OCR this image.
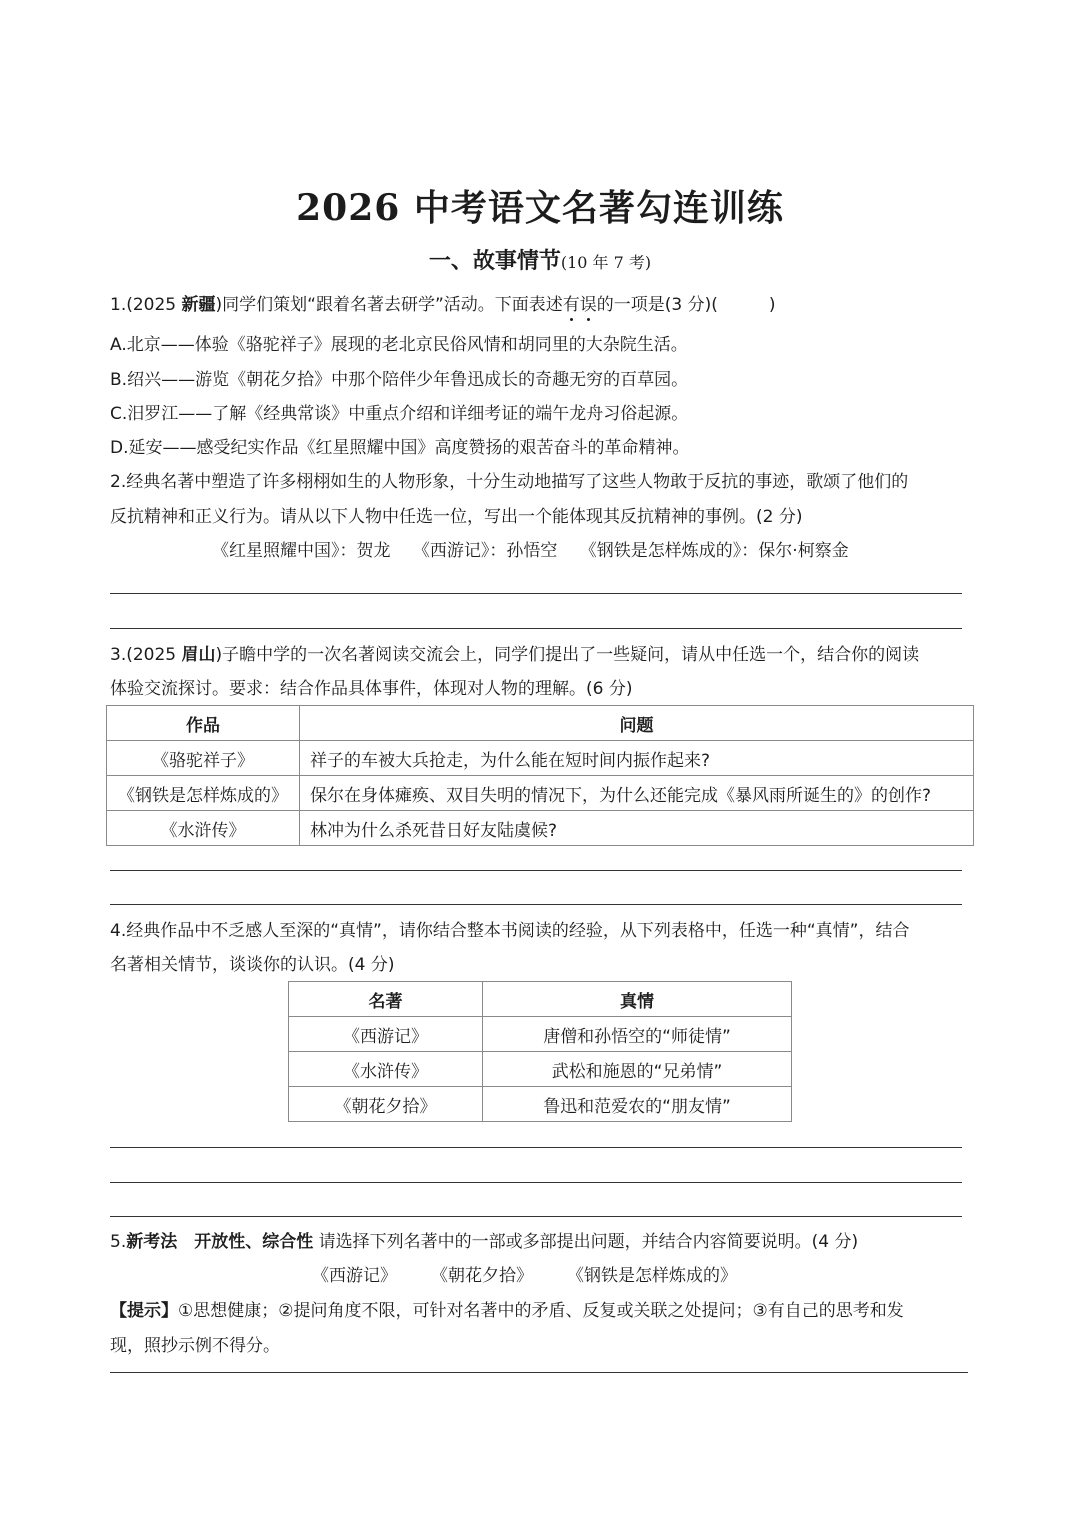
2026 中考语文名著勾连训练
一、故事情节(10 年 7 考)
1.(2025 新疆)同学们策划“跟着名著去研学”活动。下面表述有误的一项是(3 分)(　　　)
A.北京——体验《骆驼祥子》展现的老北京民俗风情和胡同里的大杂院生活。
B.绍兴——游览《朝花夕拾》中那个陪伴少年鲁迅成长的奇趣无穷的百草园。
C.汨罗江——了解《经典常谈》中重点介绍和详细考证的端午龙舟习俗起源。
D.延安——感受纪实作品《红星照耀中国》高度赞扬的艰苦奋斗的革命精神。
2.经典名著中塑造了许多栩栩如生的人物形象，十分生动地描写了这些人物敢于反抗的事迹，歌颂了他们的
反抗精神和正义行为。请从以下人物中任选一位，写出一个能体现其反抗精神的事例。(2 分)
《红星照耀中国》：贺龙　 《西游记》：孙悟空　 《钢铁是怎样炼成的》：保尔·柯察金
3.(2025 眉山)子瞻中学的一次名著阅读交流会上，同学们提出了一些疑问，请从中任选一个，结合你的阅读
体验交流探讨。要求：结合作品具体事件，体现对人物的理解。(6 分)
作品	问题
《骆驼祥子》	祥子的车被大兵抢走，为什么能在短时间内振作起来?
《钢铁是怎样炼成的》	保尔在身体瘫痪、双目失明的情况下，为什么还能完成《暴风雨所诞生的》的创作?
《水浒传》	林冲为什么杀死昔日好友陆虞候?
4.经典作品中不乏感人至深的“真情”，请你结合整本书阅读的经验，从下列表格中，任选一种“真情”，结合
名著相关情节，谈谈你的认识。(4 分)
名著	真情
《西游记》	唐僧和孙悟空的“师徒情”
《水浒传》	武松和施恩的“兄弟情”
《朝花夕拾》	鲁迅和范爱农的“朋友情”
5.新考法　开放性、综合性 请选择下列名著中的一部或多部提出问题，并结合内容简要说明。(4 分)
《西游记》　　　《朝花夕拾》　　　《钢铁是怎样炼成的》
【提示】①思想健康；②提问角度不限，可针对名著中的矛盾、反复或关联之处提问；③有自己的思考和发
现，照抄示例不得分。
